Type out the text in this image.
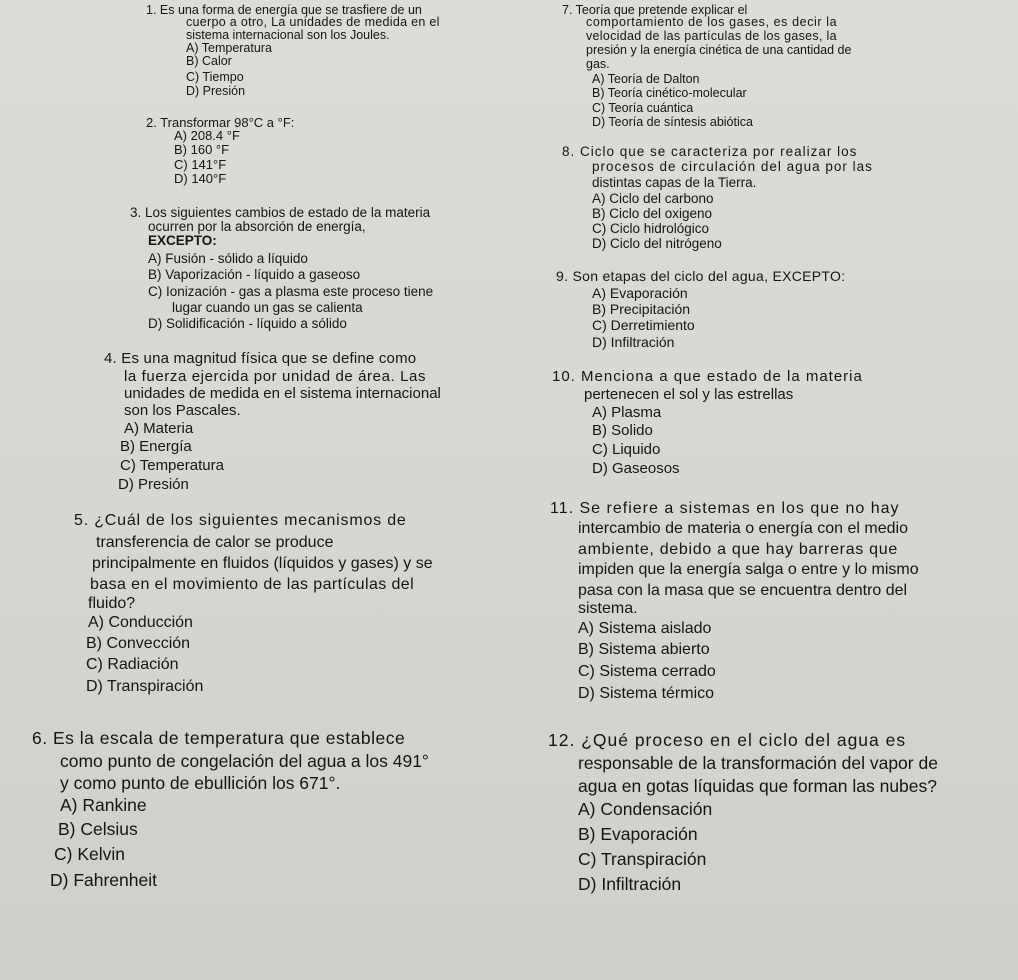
1. Es una forma de energía que se trasfiere de un
cuerpo a otro, La unidades de medida en el
sistema internacional son los Joules.
A) Temperatura
B) Calor
C) Tiempo
D) Presión
2. Transformar 98°C a °F:
A) 208.4 °F
B) 160 °F
C) 141°F
D) 140°F
3. Los siguientes cambios de estado de la materia
ocurren por la absorción de energía,
EXCEPTO:
A) Fusión - sólido a líquido
B) Vaporización - líquido a gaseoso
C) Ionización - gas a plasma este proceso tiene
lugar cuando un gas se calienta
D) Solidificación - líquido a sólido
4. Es una magnitud física que se define como
la fuerza ejercida por unidad de área. Las
unidades de medida en el sistema internacional
son los Pascales.
A) Materia
B) Energía
C) Temperatura
D) Presión
5. ¿Cuál de los siguientes mecanismos de
transferencia de calor se produce
principalmente en fluidos (líquidos y gases) y se
basa en el movimiento de las partículas del
fluido?
A) Conducción
B) Convección
C) Radiación
D) Transpiración
6. Es la escala de temperatura que establece
como punto de congelación del agua a los 491°
y como punto de ebullición los 671°.
A) Rankine
B) Celsius
C) Kelvin
D) Fahrenheit
7. Teoría que pretende explicar el
comportamiento de los gases, es decir la
velocidad de las partículas de los gases, la
presión y la energía cinética de una cantidad de
gas.
A) Teoría de Dalton
B) Teoría cinético-molecular
C) Teoría cuántica
D) Teoría de síntesis abiótica
8. Ciclo que se caracteriza por realizar los
procesos de circulación del agua por las
distintas capas de la Tierra.
A) Ciclo del carbono
B) Ciclo del oxigeno
C) Ciclo hidrológico
D) Ciclo del nitrógeno
9. Son etapas del ciclo del agua, EXCEPTO:
A) Evaporación
B) Precipitación
C) Derretimiento
D) Infiltración
10. Menciona a que estado de la materia
pertenecen el sol y las estrellas
A) Plasma
B) Solido
C) Liquido
D) Gaseosos
11. Se refiere a sistemas en los que no hay
intercambio de materia o energía con el medio
ambiente, debido a que hay barreras que
impiden que la energía salga o entre y lo mismo
pasa con la masa que se encuentra dentro del
sistema.
A) Sistema aislado
B) Sistema abierto
C) Sistema cerrado
D) Sistema térmico
12. ¿Qué proceso en el ciclo del agua es
responsable de la transformación del vapor de
agua en gotas líquidas que forman las nubes?
A) Condensación
B) Evaporación
C) Transpiración
D) Infiltración
